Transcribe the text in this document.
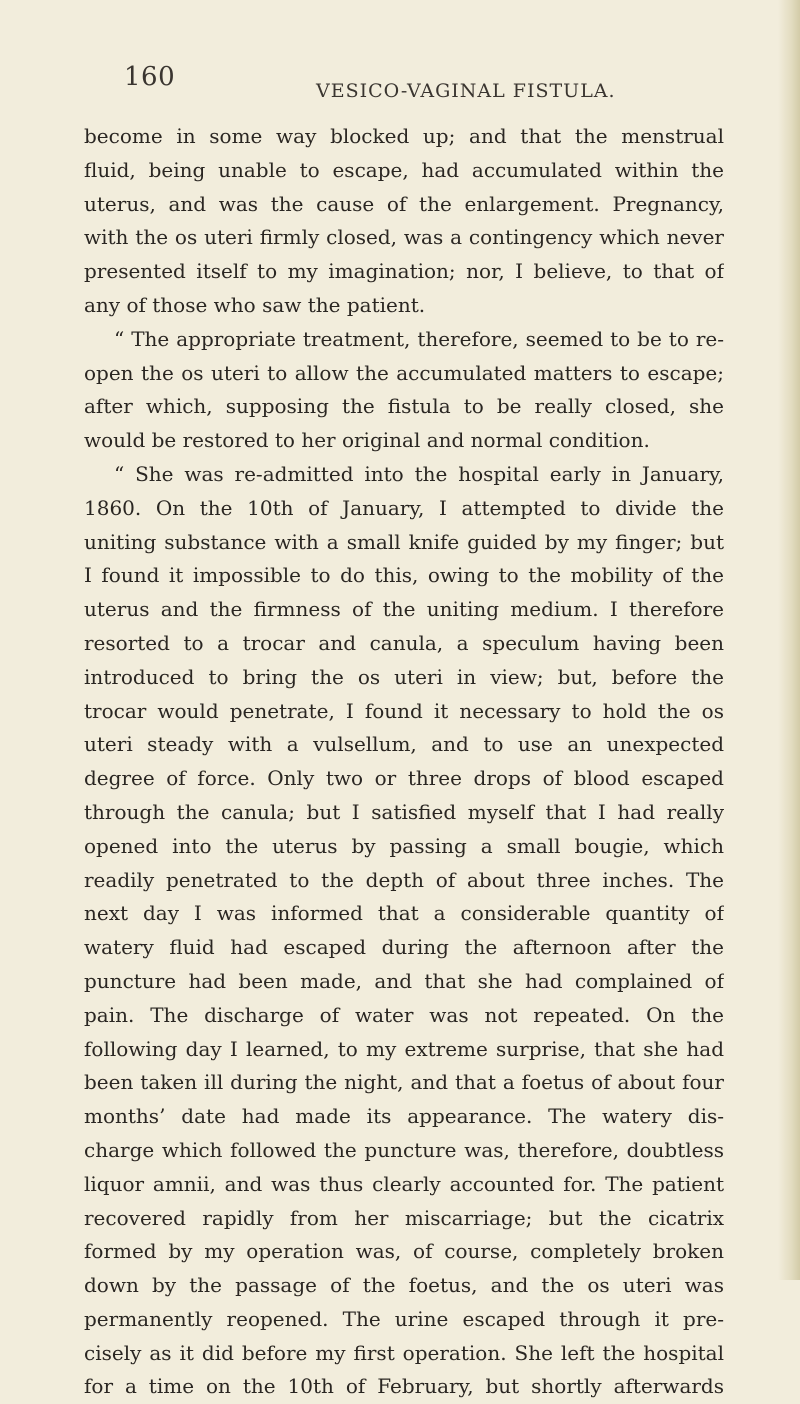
160	VESICO-VAGINAL FISTULA.
become in some way blocked up; and that the menstrual
fluid, being unable to escape, had accumulated within the
uterus, and was the cause of the enlargement. Pregnancy,
with the os uteri firmly closed, was a contingency which never
presented itself to my imagination; nor, I believe, to that of
any of those who saw the patient.
“ The appropriate treatment, therefore, seemed to be to re-
open the os uteri to allow the accumulated matters to escape;
after which, supposing the fistula to be really closed, she
would be restored to her original and normal condition.
“ She was re-admitted into the hospital early in January,
1860. On the 10th of January, I attempted to divide the
uniting substance with a small knife guided by my finger; but
I found it impossible to do this, owing to the mobility of the
uterus and the firmness of the uniting medium. I therefore
resorted to a trocar and canula, a speculum having been
introduced to bring the os uteri in view; but, before the
trocar would penetrate, I found it necessary to hold the os
uteri steady with a vulsellum, and to use an unexpected
degree of force. Only two or three drops of blood escaped
through the canula; but I satisfied myself that I had really
opened into the uterus by passing a small bougie, which
readily penetrated to the depth of about three inches. The
next day I was informed that a considerable quantity of
watery fluid had escaped during the afternoon after the
puncture had been made, and that she had complained of
pain. The discharge of water was not repeated. On the
following day I learned, to my extreme surprise, that she had
been taken ill during the night, and that a foetus of about four
months’ date had made its appearance. The watery dis-
charge which followed the puncture was, therefore, doubtless
liquor amnii, and was thus clearly accounted for. The patient
recovered rapidly from her miscarriage; but the cicatrix
formed by my operation was, of course, completely broken
down by the passage of the foetus, and the os uteri was
permanently reopened. The urine escaped through it pre-
cisely as it did before my first operation. She left the hospital
for a time on the 10th of February, but shortly afterwards
